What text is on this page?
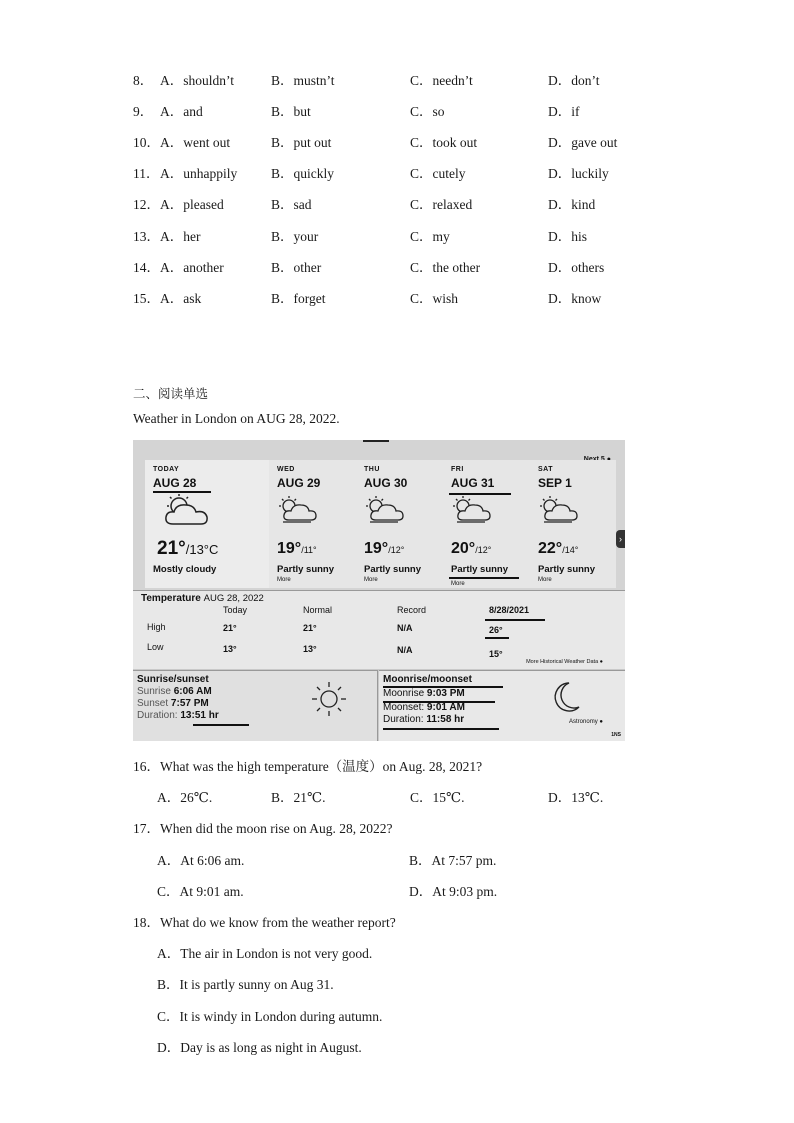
8． A．shouldn’t	B．mustn’t	C．needn’t	D．don’t
9． A．and	B．but	C．so	D．if
10． A．went out	B．put out	C．took out	D．gave out
11． A．unhappily	B．quickly	C．cutely	D．luckily
12． A．pleased	B．sad	C．relaxed	D．kind
13． A．her	B．your	C．my	D．his
14． A．another	B．other	C．the other	D．others
15． A．ask	B．forget	C．wish	D．know
二、阅读单选
Weather in London on AUG 28, 2022.
TODAY
AUG 28
21°/13°C
Mostly cloudy
WED
AUG 29
19°/11°
Partly sunny
More
THU
AUG 30
19°/12°
Partly sunny
More
FRI
AUG 31
20°/12°
Partly sunny
More
SAT
SEP 1
22°/14°
Partly sunny
More
›
Temperature AUG 28, 2022
Today	Normal	Record	8/28/2021
High	21°	21°	N/A	26°
Low	13°	13°	N/A	15°
More Historical Weather Data ●
Sunrise/sunset
Sunrise 6:06 AM
Sunset 7:57 PM
Duration: 13:51 hr
Moonrise/moonset
Moonrise 9:03 PM
Moonset: 9:01 AM
Duration: 11:58 hr	Astronomy ●
1NS
16．What was the high temperature（温度）on Aug. 28, 2021?
A．26℃.	B．21℃.	C．15℃.	D．13℃.
17．When did the moon rise on Aug. 28, 2022?
A．At 6:06 am.	B．At 7:57 pm.
C．At 9:01 am.	D．At 9:03 pm.
18．What do we know from the weather report?
A．The air in London is not very good.
B．It is partly sunny on Aug 31.
C．It is windy in London during autumn.
D．Day is as long as night in August.
